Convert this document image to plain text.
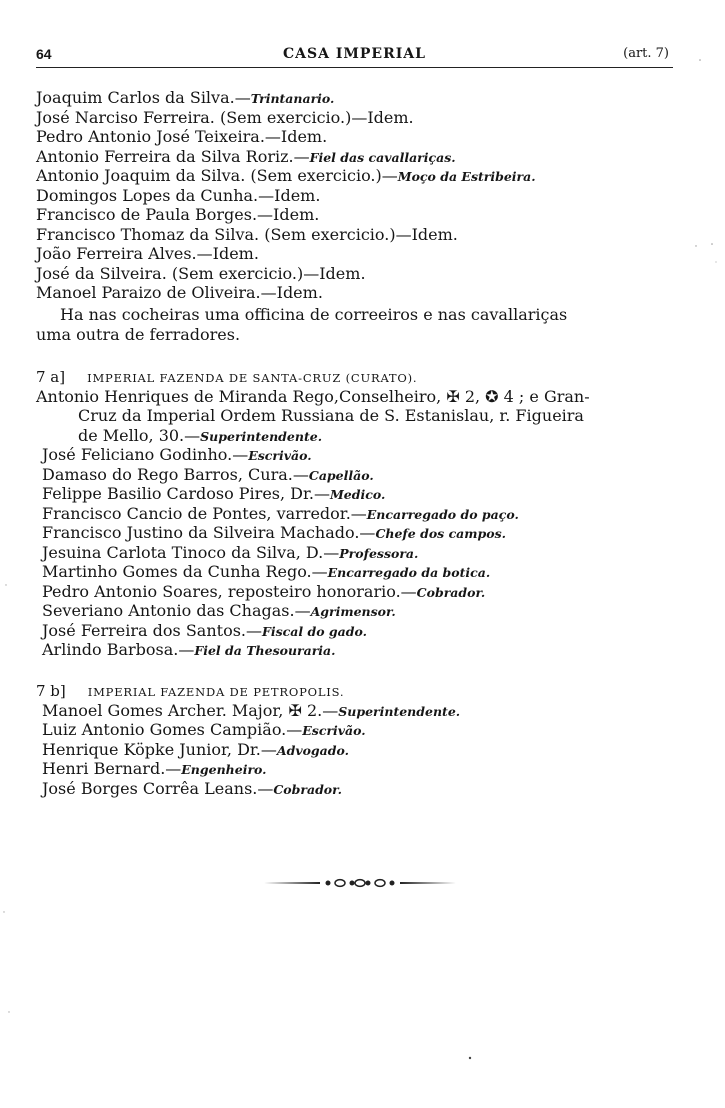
64	CASA IMPERIAL	(art. 7)
Joaquim Carlos da Silva.—Trintanario.
José Narciso Ferreira. (Sem exercicio.)—Idem.
Pedro Antonio José Teixeira.—Idem.
Antonio Ferreira da Silva Roriz.—Fiel das cavallariças.
Antonio Joaquim da Silva. (Sem exercicio.)—Moço da Estribeira.
Domingos Lopes da Cunha.—Idem.
Francisco de Paula Borges.—Idem.
Francisco Thomaz da Silva. (Sem exercicio.)—Idem.
João Ferreira Alves.—Idem.
José da Silveira. (Sem exercicio.)—Idem.
Manoel Paraizo de Oliveira.—Idem.
Ha nas cocheiras uma officina de correeiros e nas cavallariças
uma outra de ferradores.
7 a] IMPERIAL FAZENDA DE SANTA-CRUZ (CURATO).
Antonio Henriques de Miranda Rego,Conselheiro, ✠ 2, ✪ 4 ; e Gran-
Cruz da Imperial Ordem Russiana de S. Estanislau, r. Figueira
de Mello, 30.—Superintendente.
José Feliciano Godinho.—Escrivão.
Damaso do Rego Barros, Cura.—Capellão.
Felippe Basilio Cardoso Pires, Dr.—Medico.
Francisco Cancio de Pontes, varredor.—Encarregado do paço.
Francisco Justino da Silveira Machado.—Chefe dos campos.
Jesuina Carlota Tinoco da Silva, D.—Professora.
Martinho Gomes da Cunha Rego.—Encarregado da botica.
Pedro Antonio Soares, reposteiro honorario.—Cobrador.
Severiano Antonio das Chagas.—Agrimensor.
José Ferreira dos Santos.—Fiscal do gado.
Arlindo Barbosa.—Fiel da Thesouraria.
7 b] IMPERIAL FAZENDA DE PETROPOLIS.
Manoel Gomes Archer. Major, ✠ 2.—Superintendente.
Luiz Antonio Gomes Campião.—Escrivão.
Henrique Köpke Junior, Dr.—Advogado.
Henri Bernard.—Engenheiro.
José Borges Corrêa Leans.—Cobrador.
